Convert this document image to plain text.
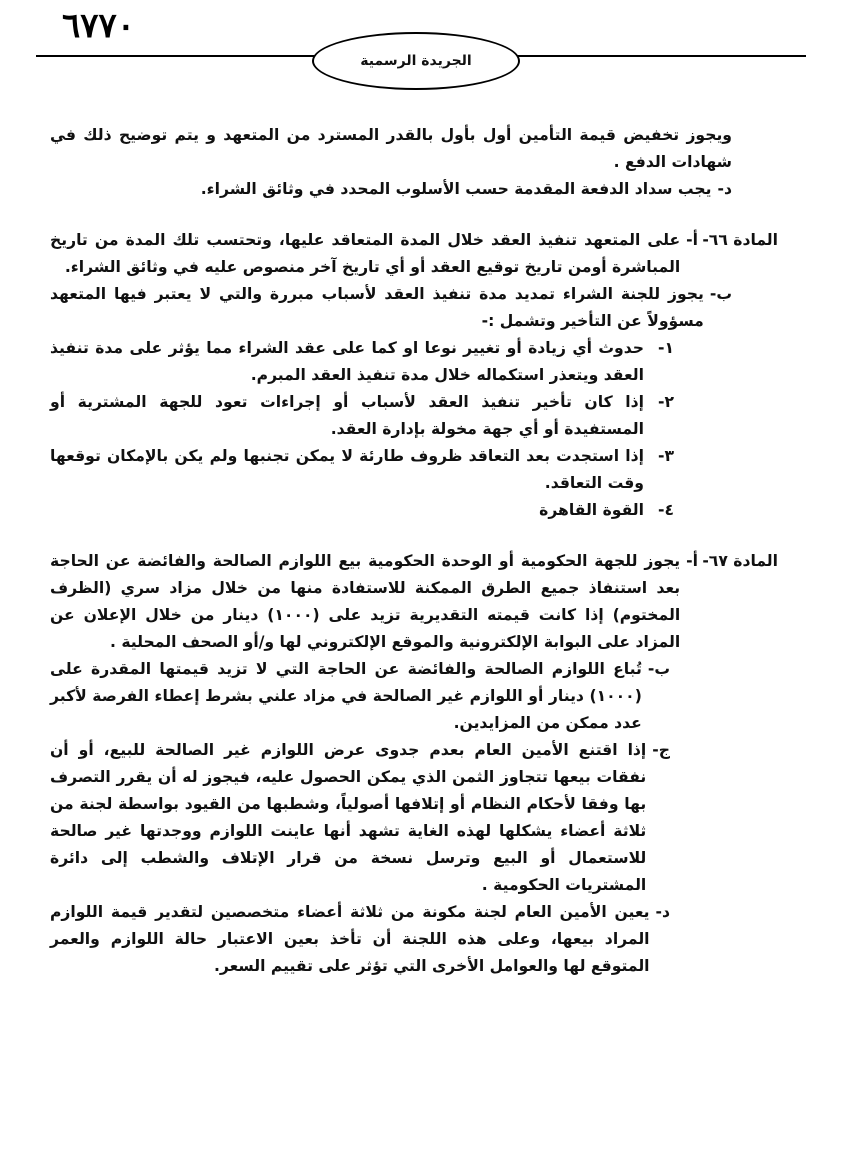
٦٧٧٠
الجريدة الرسمية

ويجوز تخفيض قيمة التأمين أول بأول بالقدر المسترد من المتعهد و يتم توضيح ذلك في شهادات الدفع .

د-
يجب سداد الدفعة المقدمة حسب الأسلوب المحدد في وثائق الشراء.
المادة ٦٦-
أ-
على المتعهد تنفيذ العقد خلال المدة المتعاقد عليها، وتحتسب تلك المدة من تاريخ المباشرة أومن تاريخ توقيع العقد أو أي تاريخ آخر منصوص عليه في وثائق الشراء.
ب-
يجوز للجنة الشراء تمديد مدة تنفيذ العقد لأسباب مبررة والتي لا يعتبر فيها المتعهد مسؤولاً عن التأخير وتشمل :-
١-
حدوث أي زيادة أو تغيير نوعا او كما على عقد الشراء مما يؤثر على مدة تنفيذ العقد ويتعذر استكماله خلال مدة تنفيذ العقد المبرم.
٢-
إذا كان تأخير تنفيذ العقد لأسباب أو إجراءات تعود للجهة المشترية أو المستفيدة أو أي جهة مخولة بإدارة العقد.
٣-
إذا استجدت بعد التعاقد ظروف طارئة لا يمكن تجنبها ولم يكن بالإمكان توقعها وقت التعاقد.
٤-
القوة القاهرة
المادة ٦٧-
أ-
يجوز للجهة الحكومية أو الوحدة الحكومية بيع اللوازم الصالحة والفائضة عن الحاجة بعد استنفاذ جميع الطرق الممكنة للاستفادة منها من خلال مزاد سري (الظرف المختوم) إذا كانت قيمته التقديرية تزيد على (١٠٠٠) دينار من خلال الإعلان عن المزاد على البوابة الإلكترونية والموقع الإلكتروني لها و/أو الصحف المحلية .
ب-
تُباع اللوازم الصالحة والفائضة عن الحاجة التي لا تزيد قيمتها المقدرة على (١٠٠٠) دينار أو اللوازم غير الصالحة في مزاد علني بشرط إعطاء الفرصة لأكبر عدد ممكن من المزايدين.
ج-
إذا اقتنع الأمين العام بعدم جدوى عرض اللوازم غير الصالحة للبيع، أو أن نفقات بيعها تتجاوز الثمن الذي يمكن الحصول عليه، فيجوز له أن يقرر التصرف بها وفقا لأحكام النظام أو إتلافها أصولياً، وشطبها من القيود بواسطة لجنة من ثلاثة أعضاء يشكلها لهذه الغاية تشهد أنها عاينت اللوازم ووجدتها غير صالحة للاستعمال أو البيع وترسل نسخة من قرار الإتلاف والشطب إلى دائرة المشتريات الحكومية .
د-
يعين الأمين العام لجنة مكونة من ثلاثة أعضاء متخصصين لتقدير قيمة اللوازم المراد بيعها، وعلى هذه اللجنة أن تأخذ بعين الاعتبار حالة اللوازم والعمر المتوقع لها والعوامل الأخرى التي تؤثر على تقييم السعر.
